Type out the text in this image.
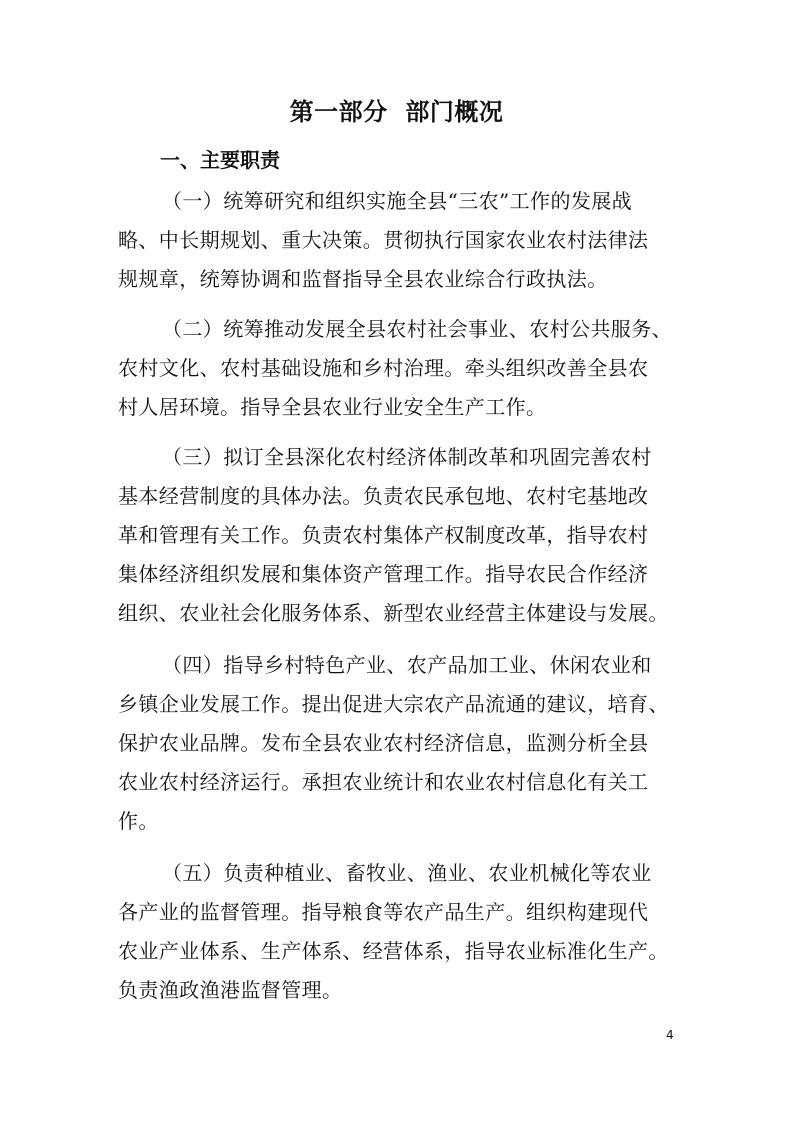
第一部分  部门概况
一、主要职责
（一）统筹研究和组织实施全县“三农”工作的发展战
略、中长期规划、重大决策。贯彻执行国家农业农村法律法
规规章，统筹协调和监督指导全县农业综合行政执法。
（二）统筹推动发展全县农村社会事业、农村公共服务、
农村文化、农村基础设施和乡村治理。牵头组织改善全县农
村人居环境。指导全县农业行业安全生产工作。
（三）拟订全县深化农村经济体制改革和巩固完善农村
基本经营制度的具体办法。负责农民承包地、农村宅基地改
革和管理有关工作。负责农村集体产权制度改革，指导农村
集体经济组织发展和集体资产管理工作。指导农民合作经济
组织、农业社会化服务体系、新型农业经营主体建设与发展。
（四）指导乡村特色产业、农产品加工业、休闲农业和
乡镇企业发展工作。提出促进大宗农产品流通的建议，培育、
保护农业品牌。发布全县农业农村经济信息，监测分析全县
农业农村经济运行。承担农业统计和农业农村信息化有关工
作。
（五）负责种植业、畜牧业、渔业、农业机械化等农业
各产业的监督管理。指导粮食等农产品生产。组织构建现代
农业产业体系、生产体系、经营体系，指导农业标准化生产。
负责渔政渔港监督管理。
4
